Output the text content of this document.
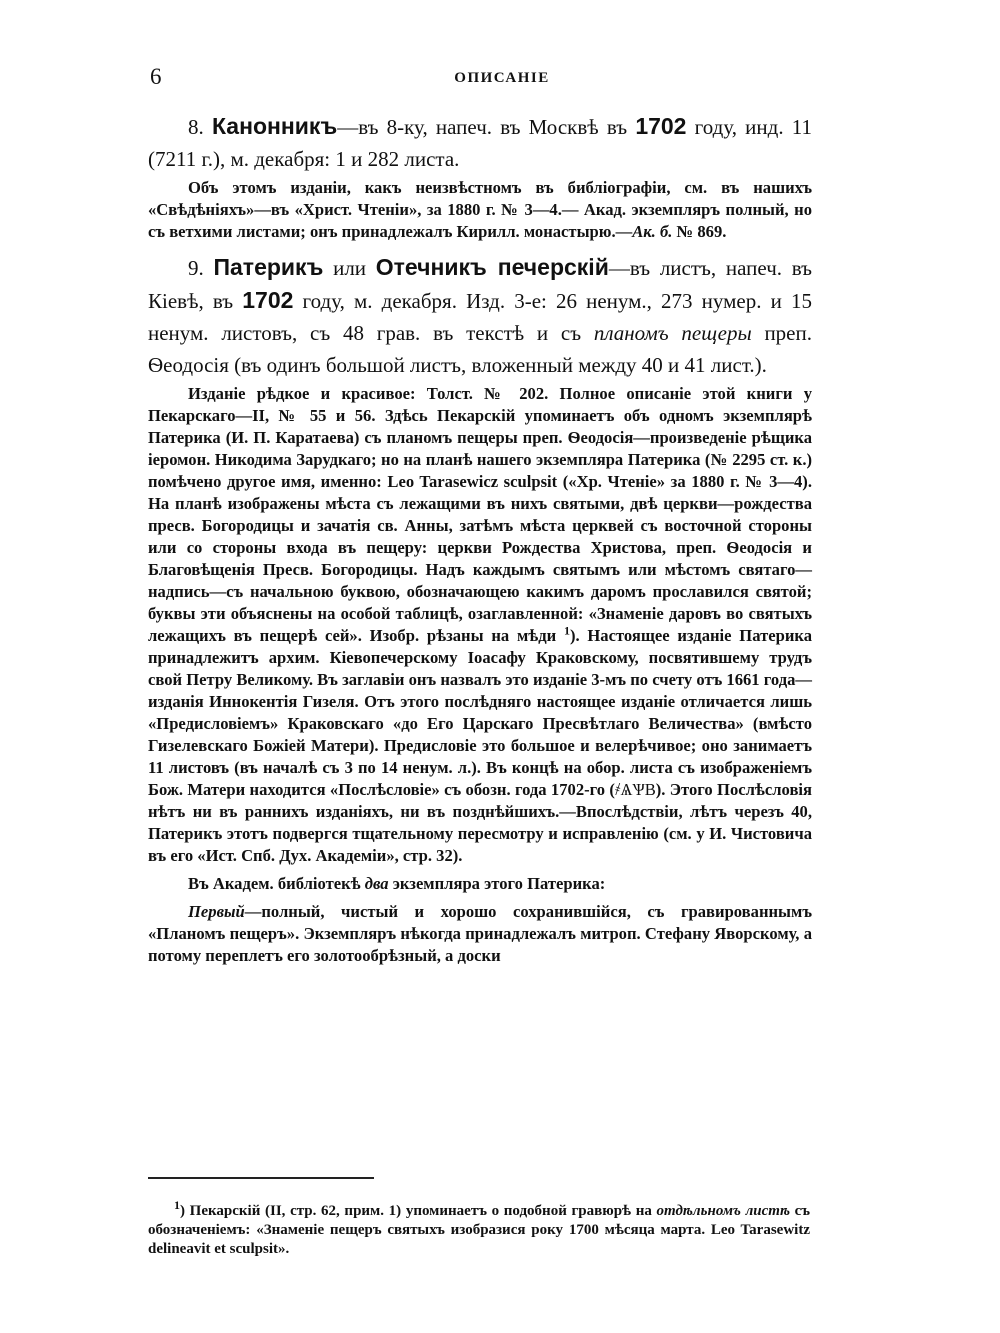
6	ОПИСАНІЕ

8. Канонникъ—въ 8-ку, напеч. въ Москвѣ въ 1702 году, инд. 11 (7211 г.), м. декабря: 1 и 282 листа.

Объ этомъ изданіи, какъ неизвѣстномъ въ библіографіи, см. въ нашихъ «Свѣдѣніяхъ»—въ «Христ. Чтеніи», за 1880 г. № 3—4.— Акад. экземпляръ полный, но съ ветхими листами; онъ принадлежалъ Кирилл. монастырю.—Ак. б. № 869.

9. Патерикъ или Отечникъ печерскій—въ листъ, напеч. въ Кіевѣ, въ 1702 году, м. декабря. Изд. 3-е: 26 ненум., 273 нумер. и 15 ненум. листовъ, съ 48 грав. въ текстѣ и съ планомъ пещеры преп. Ѳеодосія (въ одинъ большой листъ, вложенный между 40 и 41 лист.).

Изданіе рѣдкое и красивое: Толст. № 202. Полное описаніе этой книги у Пекарскаго—II, № 55 и 56. Здѣсь Пекарскій упоминаетъ объ одномъ экземплярѣ Патерика (И. П. Каратаева) съ планомъ пещеры преп. Ѳеодосія—произведеніе рѣщика іеромон. Никодима Зарудкаго; но на планѣ нашего экземпляра Патерика (№ 2295 ст. к.) помѣчено другое имя, именно: Leo Tarasewicz sculpsit («Хр. Чтеніе» за 1880 г. № 3—4). На планѣ изображены мѣста съ лежащими въ нихъ святыми, двѣ церкви—рождества пресв. Богородицы и зачатія св. Анны, затѣмъ мѣста церквей съ восточной стороны или со стороны входа въ пещеру: церкви Рождества Христова, преп. Ѳеодосія и Благовѣщенія Пресв. Богородицы. Надъ каждымъ святымъ или мѣстомъ святаго—надпись—съ начальною буквою, обозначающею какимъ даромъ прославился святой; буквы эти объяснены на особой таблицѣ, озаглавленной: «Знаменіе даровъ во святыхъ лежащихъ въ пещерѣ сей». Изобр. рѣзаны на мѣди $^1$). Настоящее изданіе Патерика принадлежитъ архим. Кіевопечерскому Іоасафу Краковскому, посвятившему трудъ свой Петру Великому. Въ заглавіи онъ назвалъ это изданіе 3-мъ по счету отъ 1661 года—изданія Иннокентія Гизеля. Отъ этого послѣдняго настоящее изданіе отличается лишь «Предисловіемъ» Краковскаго «до Его Царскаго Пресвѣтлаго Величества» (вмѣсто Гизелевскаго Божіей Матери). Предисловіе это большое и велерѣчивое; оно занимаетъ 11 листовъ (въ началѣ съ 3 по 14 ненум. л.). Въ концѣ на обор. листа съ изображеніемъ Бож. Матери находится «Послѣсловіе» съ обозн. года 1702-го (҂ѦѰВ). Этого Послѣсловія нѣтъ ни въ раннихъ изданіяхъ, ни въ позднѣйшихъ.—Впослѣдствіи, лѣтъ черезъ 40, Патерикъ этотъ подвергся тщательному пересмотру и исправленію (см. у И. Чистовича въ его «Ист. Спб. Дух. Академіи», стр. 32).

Въ Академ. библіотекѣ два экземпляра этого Патерика:

Первый—полный, чистый и хорошо сохранившійся, съ гравированнымъ «Планомъ пещеръ». Экземпляръ нѣкогда принадлежалъ митроп. Стефану Яворскому, а потому переплетъ его золотообрѣзный, а доски

$^1$) Пекарскій (II, стр. 62, прим. 1) упоминаетъ о подобной гравюрѣ на отдѣльномъ листѣ съ обозначеніемъ: «Знаменіе пещеръ святыхъ изобразися року 1700 мѣсяца марта. Leo Tarasewitz delineavit et sculpsit».
